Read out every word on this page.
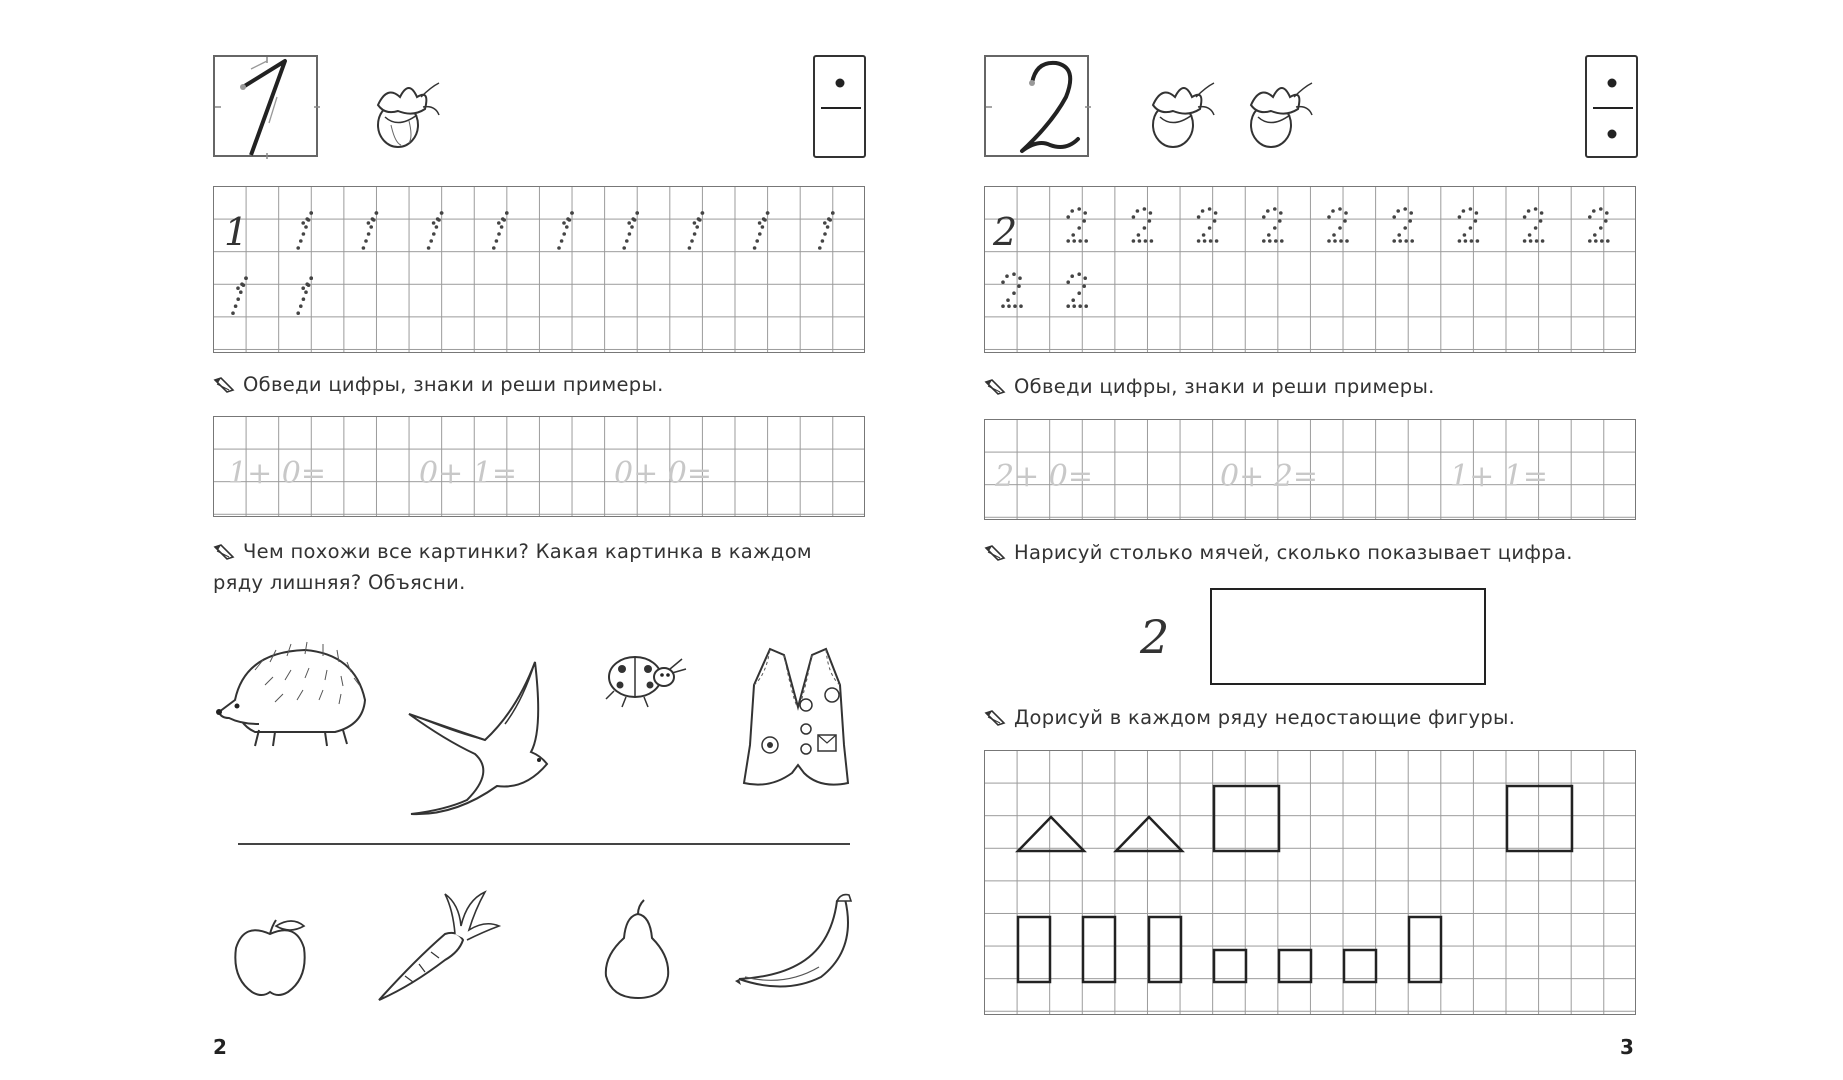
1
Обведи цифры, знаки и реши примеры.
1+ 0=	0+ 1=	0+ 0=
Чем похожи все картинки? Какая картинка в каждом ряду лишняя? Объясни.
2
2
Обведи цифры, знаки и реши примеры.
2+ 0=	0+ 2=	1+ 1=
Нарисуй столько мячей, сколько показывает цифра.
2
Дорисуй в каждом ряду недостающие фигуры.
3
